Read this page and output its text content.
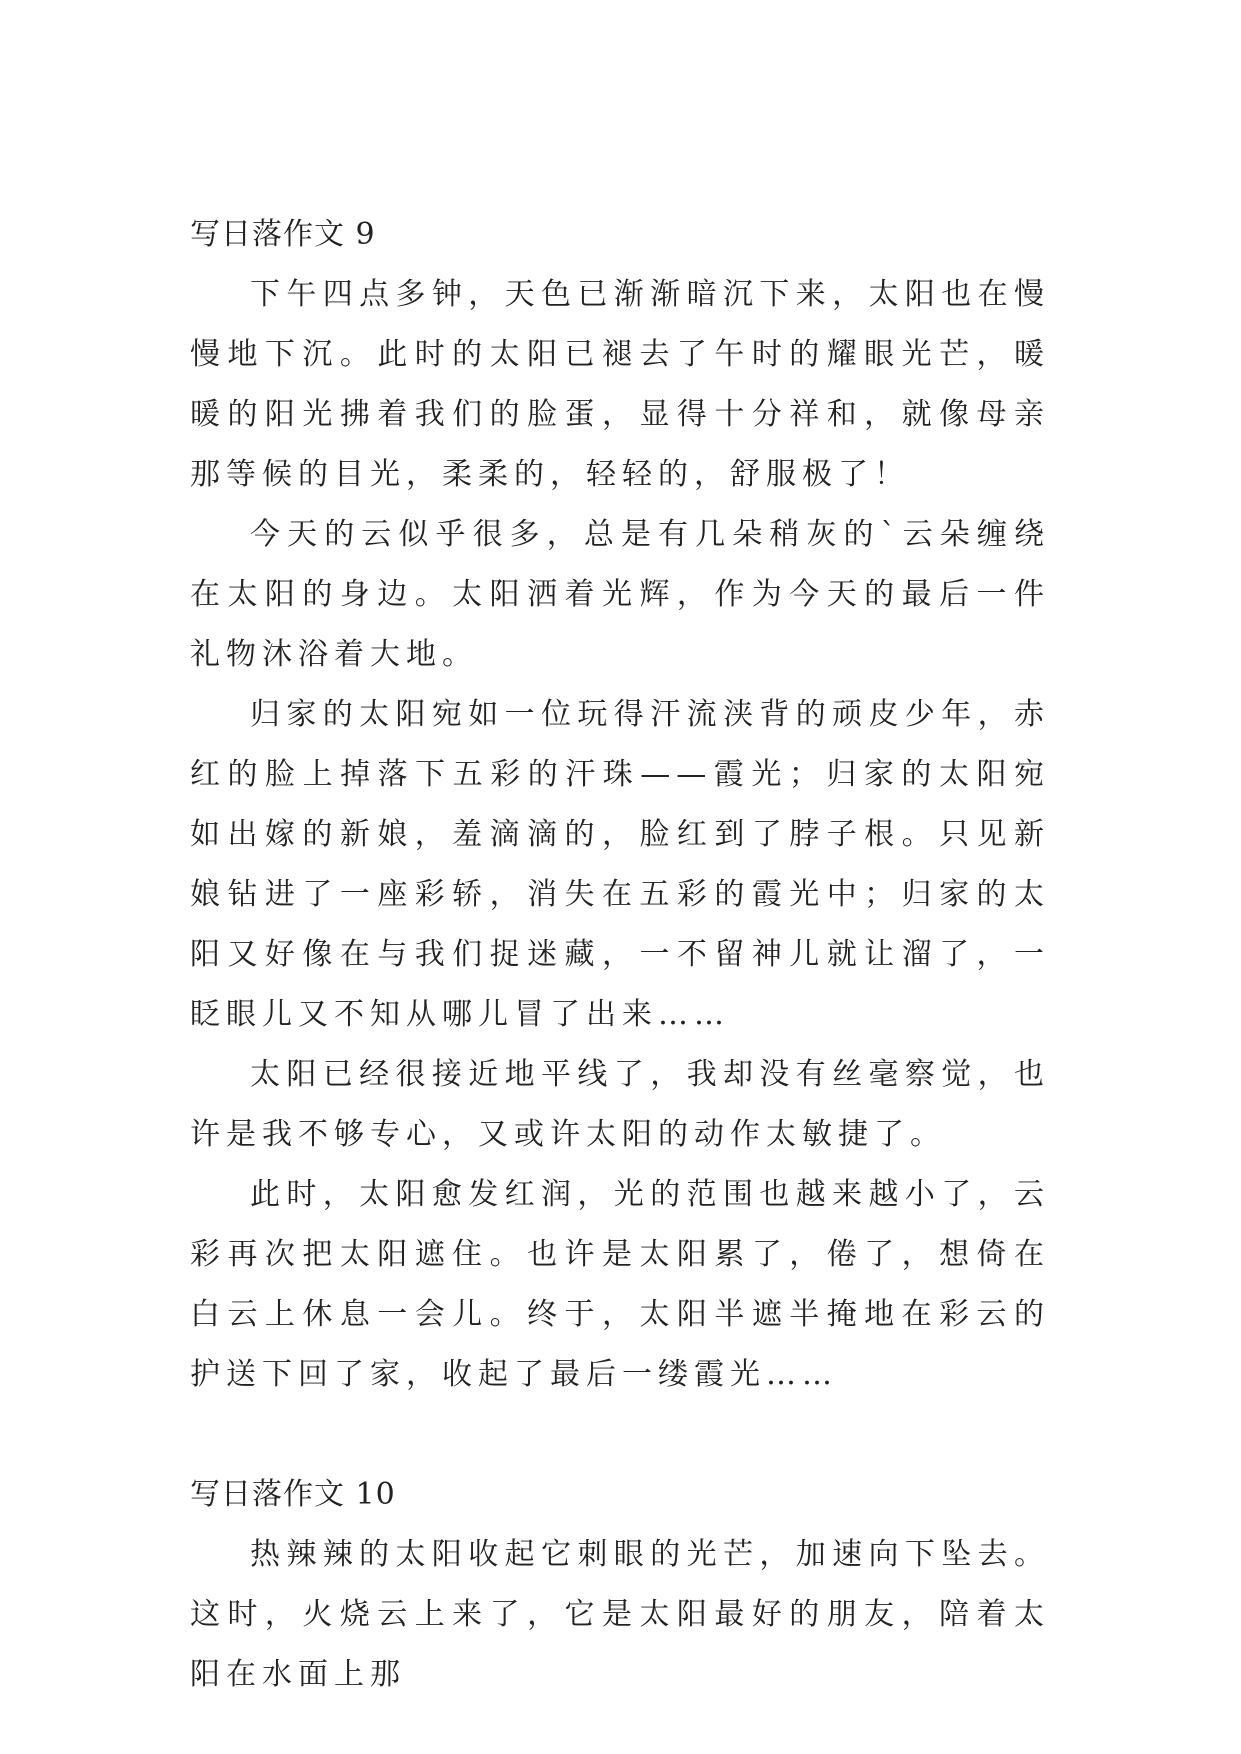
写日落作文 9

下午四点多钟，天色已渐渐暗沉下来，太阳也在慢慢地下沉。此时的太阳已褪去了午时的耀眼光芒，暖暖的阳光拂着我们的脸蛋，显得十分祥和，就像母亲那等候的目光，柔柔的，轻轻的，舒服极了！

今天的云似乎很多，总是有几朵稍灰的`云朵缠绕在太阳的身边。太阳洒着光辉，作为今天的最后一件礼物沐浴着大地。

归家的太阳宛如一位玩得汗流浃背的顽皮少年，赤红的脸上掉落下五彩的汗珠——霞光；归家的太阳宛如出嫁的新娘，羞滴滴的，脸红到了脖子根。只见新娘钻进了一座彩轿，消失在五彩的霞光中；归家的太阳又好像在与我们捉迷藏，一不留神儿就让溜了，一眨眼儿又不知从哪儿冒了出来……

太阳已经很接近地平线了，我却没有丝毫察觉，也许是我不够专心，又或许太阳的动作太敏捷了。

此时，太阳愈发红润，光的范围也越来越小了，云彩再次把太阳遮住。也许是太阳累了，倦了，想倚在白云上休息一会儿。终于，太阳半遮半掩地在彩云的护送下回了家，收起了最后一缕霞光……

写日落作文 10

热辣辣的太阳收起它刺眼的光芒，加速向下坠去。这时，火烧云上来了，它是太阳最好的朋友，陪着太阳在水面上那
